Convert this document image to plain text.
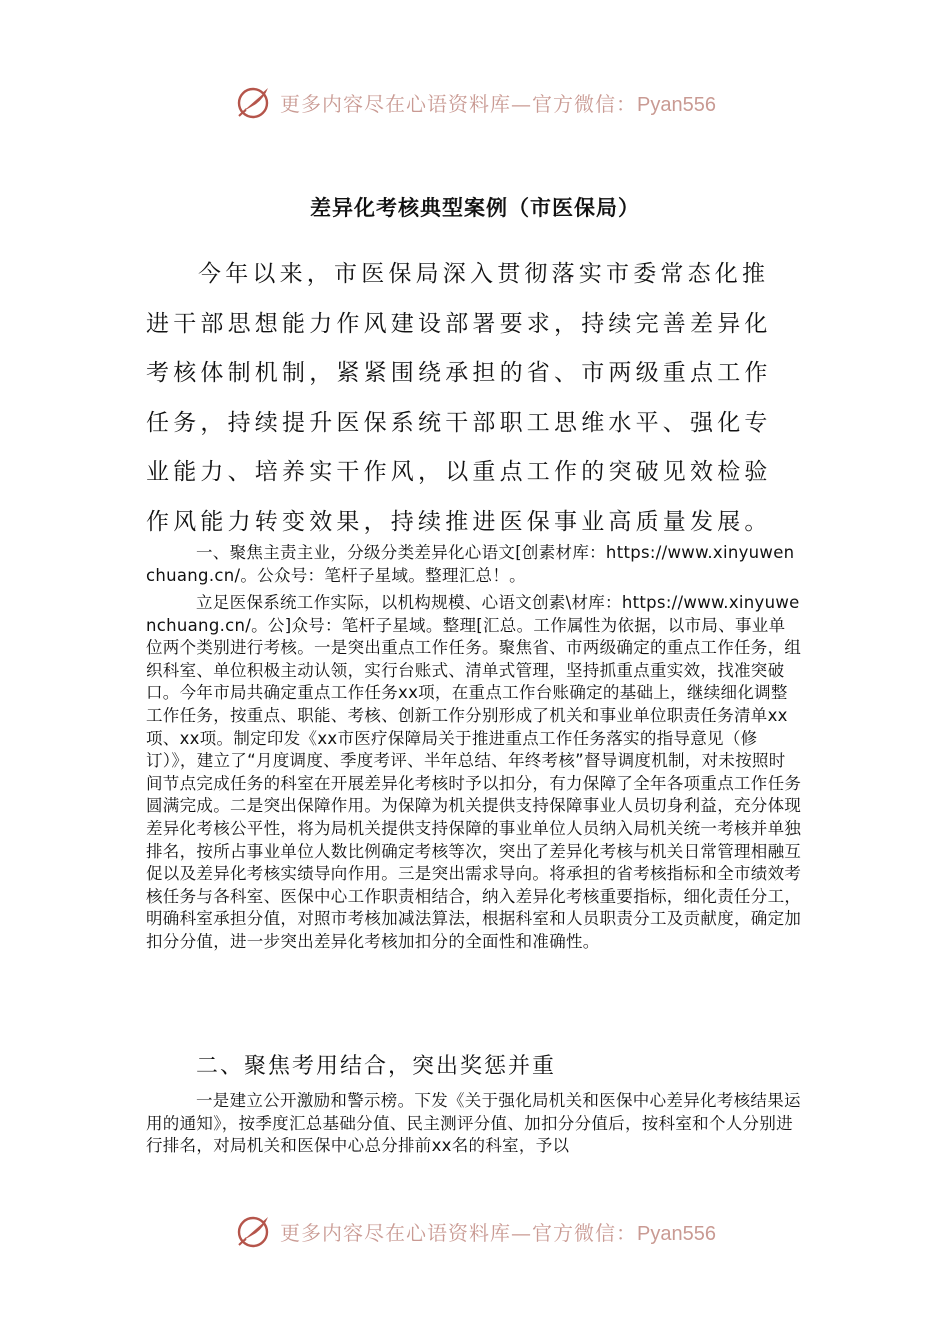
更多内容尽在心语资料库—官方微信：Pyan556
差异化考核典型案例（市医保局）

今年以来，市医保局深入贯彻落实市委常态化推进干部思想能力作风建设部署要求，持续完善差异化考核体制机制，紧紧围绕承担的省、市两级重点工作任务，持续提升医保系统干部职工思维水平、强化专业能力、培养实干作风，以重点工作的突破见效检验作风能力转变效果，持续推进医保事业高质量发展。

一、聚焦主责主业，分级分类差异化心语文[创素材库：https://www.xinyuwenchuang.cn/。公众号：笔杆子星域。整理汇总！。

立足医保系统工作实际，以机构规模、心语文创素\材库：https://www.xinyuwenchuang.cn/。公]众号：笔杆子星域。整理[汇总。工作属性为依据，以市局、事业单位两个类别进行考核。一是突出重点工作任务。聚焦省、市两级确定的重点工作任务，组织科室、单位积极主动认领，实行台账式、清单式管理，坚持抓重点重实效，找准突破口。今年市局共确定重点工作任务xx项，在重点工作台账确定的基础上，继续细化调整工作任务，按重点、职能、考核、创新工作分别形成了机关和事业单位职责任务清单xx项、xx项。制定印发《xx市医疗保障局关于推进重点工作任务落实的指导意见（修订）》，建立了“月度调度、季度考评、半年总结、年终考核”督导调度机制，对未按照时间节点完成任务的科室在开展差异化考核时予以扣分，有力保障了全年各项重点工作任务圆满完成。二是突出保障作用。为保障为机关提供支持保障事业人员切身利益，充分体现差异化考核公平性，将为局机关提供支持保障的事业单位人员纳入局机关统一考核并单独排名，按所占事业单位人数比例确定考核等次，突出了差异化考核与机关日常管理相融互促以及差异化考核实绩导向作用。三是突出需求导向。将承担的省考核指标和全市绩效考核任务与各科室、医保中心工作职责相结合，纳入差异化考核重要指标，细化责任分工，明确科室承担分值，对照市考核加减法算法，根据科室和人员职责分工及贡献度，确定加扣分分值，进一步突出差异化考核加扣分的全面性和准确性。

二、聚焦考用结合，突出奖惩并重

一是建立公开激励和警示榜。下发《关于强化局机关和医保中心差异化考核结果运用的通知》，按季度汇总基础分值、民主测评分值、加扣分分值后，按科室和个人分别进行排名，对局机关和医保中心总分排前xx名的科室，予以

更多内容尽在心语资料库—官方微信：Pyan556
